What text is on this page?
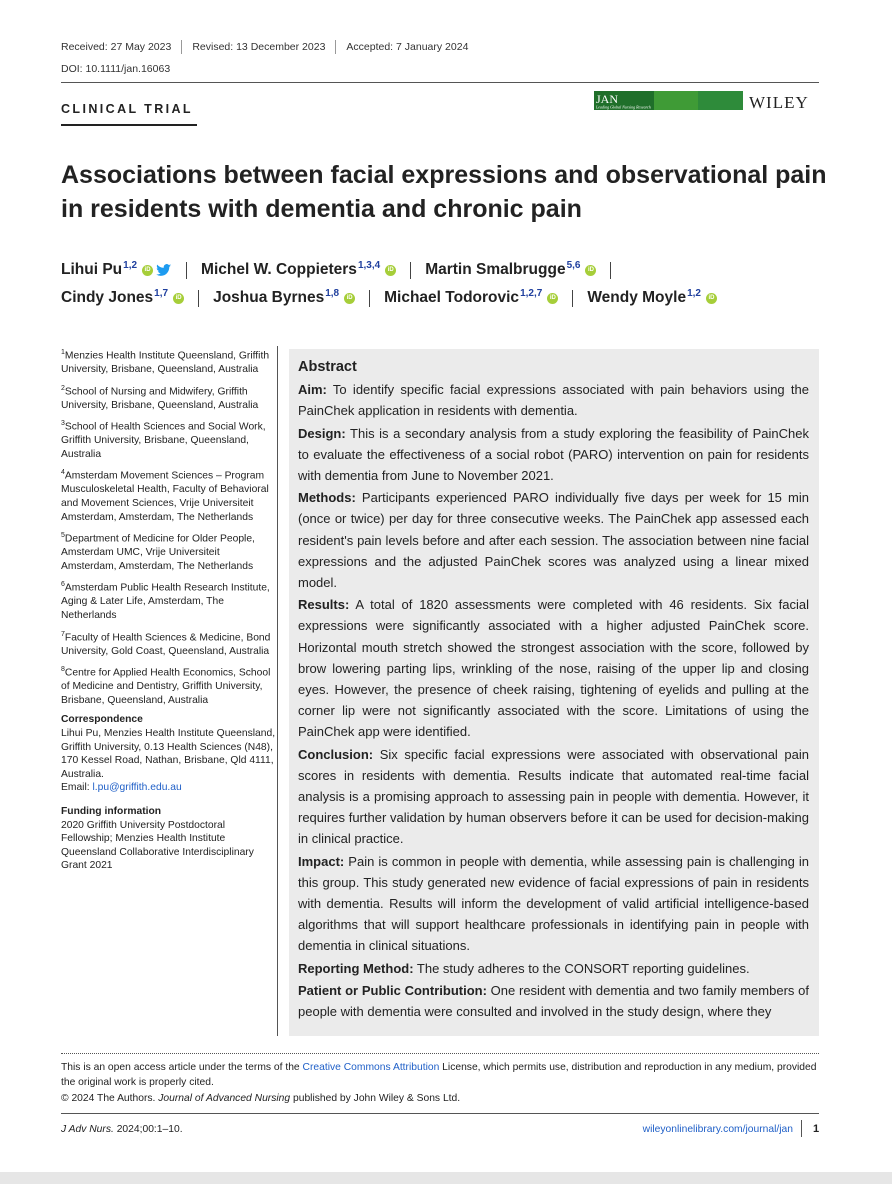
Received: 27 May 2023 Revised: 13 December 2023 Accepted: 7 January 2024
DOI: 10.1111/jan.16063
CLINICAL TRIAL
JAN
Leading Global Nursing Research	WILEY
Associations between facial expressions and observational pain in residents with dementia and chronic pain
Lihui Pu$^{1,2}$	iD	Michel W. Coppieters$^{1,3,4}$	iD Martin Smalbrugge$^{5,6}$	iD
Cindy Jones$^{1,7}$	iD Joshua Byrnes$^{1,8}$	iD Michael Todorovic$^{1,2,7}$	iD Wendy Moyle$^{1,2}$	iD
$^1$Menzies Health Institute Queensland, Griffith University, Brisbane, Queensland, Australia
$^2$School of Nursing and Midwifery, Griffith University, Brisbane, Queensland, Australia
$^3$School of Health Sciences and Social Work, Griffith University, Brisbane, Queensland, Australia
$^4$Amsterdam Movement Sciences – Program Musculoskeletal Health, Faculty of Behavioral and Movement Sciences, Vrije Universiteit Amsterdam, Amsterdam, The Netherlands
$^5$Department of Medicine for Older People, Amsterdam UMC, Vrije Universiteit Amsterdam, Amsterdam, The Netherlands
$^6$Amsterdam Public Health Research Institute, Aging & Later Life, Amsterdam, The Netherlands
$^7$Faculty of Health Sciences & Medicine, Bond University, Gold Coast, Queensland, Australia
$^8$Centre for Applied Health Economics, School of Medicine and Dentistry, Griffith University, Brisbane, Queensland, Australia
Correspondence
Lihui Pu, Menzies Health Institute Queensland, Griffith University, 0.13 Health Sciences (N48), 170 Kessel Road, Nathan, Brisbane, Qld 4111, Australia.
Email: l.pu@griffith.edu.au
Funding information
2020 Griffith University Postdoctoral Fellowship; Menzies Health Institute Queensland Collaborative Interdisciplinary Grant 2021
Abstract

Aim: To identify specific facial expressions associated with pain behaviors using the PainChek application in residents with dementia.

Design: This is a secondary analysis from a study exploring the feasibility of PainChek to evaluate the effectiveness of a social robot (PARO) intervention on pain for residents with dementia from June to November 2021.

Methods: Participants experienced PARO individually five days per week for 15 min (once or twice) per day for three consecutive weeks. The PainChek app assessed each resident's pain levels before and after each session. The association between nine facial expressions and the adjusted PainChek scores was analyzed using a linear mixed model.

Results: A total of 1820 assessments were completed with 46 residents. Six facial expressions were significantly associated with a higher adjusted PainChek score. Horizontal mouth stretch showed the strongest association with the score, followed by brow lowering parting lips, wrinkling of the nose, raising of the upper lip and closing eyes. However, the presence of cheek raising, tightening of eyelids and pulling at the corner lip were not significantly associated with the score. Limitations of using the PainChek app were identified.

Conclusion: Six specific facial expressions were associated with observational pain scores in residents with dementia. Results indicate that automated real-time facial analysis is a promising approach to assessing pain in people with dementia. However, it requires further validation by human observers before it can be used for decision-making in clinical practice.

Impact: Pain is common in people with dementia, while assessing pain is challenging in this group. This study generated new evidence of facial expressions of pain in residents with dementia. Results will inform the development of valid artificial intelligence-based algorithms that will support healthcare professionals in identifying pain in people with dementia in clinical situations.

Reporting Method: The study adheres to the CONSORT reporting guidelines.

Patient or Public Contribution: One resident with dementia and two family members of people with dementia were consulted and involved in the study design, where they

This is an open access article under the terms of the Creative Commons Attribution License, which permits use, distribution and reproduction in any medium, provided the original work is properly cited.
© 2024 The Authors. Journal of Advanced Nursing published by John Wiley & Sons Ltd.
J Adv Nurs. 2024;00:1–10.	wileyonlinelibrary.com/journal/jan 1
